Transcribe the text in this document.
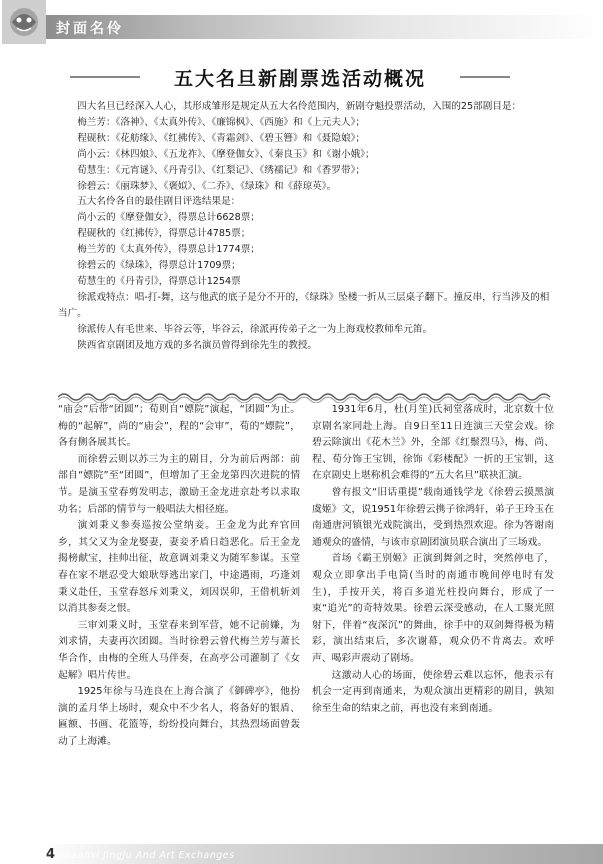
封面名伶
五大名旦新剧票选活动概况

四大名旦已经深入人心，其形成雏形是规定从五大名伶范围内，新剧夺魁投票活动，入围的25部剧目是：

梅兰芳：《洛神》、《太真外传》、《廉锦枫》、《西施》和《上元夫人》；

程砚秋：《花舫缘》、《红拂传》、《青霜剑》、《碧玉簪》和《聂隐娘》；

尚小云：《林四娘》、《五龙祚》、《摩登伽女》、《秦良玉》和《谢小娥》；

荀慧生：《元宵谜》、《丹青引》、《红梨记》、《绣襦记》和《香罗带》；

徐碧云：《丽珠梦》、《褒姒》、《二乔》、《绿珠》和《薛琼英》。

五大名伶各自的最佳剧目评选结果是：

尚小云的《摩登伽女》，得票总计6628票；

程砚秋的《红拂传》，得票总计4785票；

梅兰芳的《太真外传》，得票总计1774票；

徐碧云的《绿珠》，得票总计1709票；

荀慧生的《丹青引》，得票总计1254票

徐派戏特点：唱-打-舞，这与他武的底子是分不开的，《绿珠》坠楼一折从三层桌子翻下。撞反串，行当涉及的相当广。

徐派传人有毛世来、毕谷云等，毕谷云，徐派再传弟子之一为上海戏校教师牟元笛。

陕西省京剧团及地方戏的多名演员曾得到徐先生的教授。

“庙会”后带“团圆”；荀则自“嫖院”演起，“团圆”为止。梅的“起解”，尚的“庙会”，程的“会审”，荀的“嫖院”，各有侧各展其长。

而徐碧云则以苏三为主的剧目，分为前后两部：前部自“嫖院”至“团圆”，但增加了王金龙第四次进院的情节。是演玉堂春剪发明志，激励王金龙进京赴考以求取功名；后部的情节与一般唱法大相径庭。

演刘秉义参奏巡按公堂纳妾。王金龙为此弃官回乡，其父又为金龙娶妻，妻妾矛盾日趋恶化。后王金龙揭榜献宝，挂帅出征，故意调刘秉义为随军参谋。玉堂春在家不堪忍受大娘耿辱逃出家门，中途遇雨，巧逢刘秉义赴任，玉堂春怒斥刘秉义，刘因误卯，王借机斩刘以消其参奏之恨。

三审刘秉义时，玉堂春来到军营，她不记前嫌，为刘求情，夫妻再次团圆。当时徐碧云曾代梅兰芳与萧长华合作，由梅的全班人马伴奏，在高亭公司灌制了《女起解》唱片传世。

1925年徐与马连良在上海合演了《御碑亭》，他扮演的孟月华上场时，观众中不少名人，将备好的银盾、匾额、书画、花篮等，纷纷投向舞台，其热烈场面曾轰动了上海滩。

1931年6月，杜(月笙)氏祠堂落成时，北京数十位京剧名家同赴上海。自9日至11日连演三天堂会戏。徐碧云除演出《花木兰》外，全部《红鬃烈马》，梅、尚、程、荀分饰王宝钏，徐饰《彩楼配》一折的王宝钏，这在京剧史上堪称机会难得的“五大名旦”联袂汇演。

曾有报文“旧话重提”载南通钱学龙《徐碧云摸黑演虞姬》文，说1951年徐碧云携子徐鸿轩，弟子王玲玉在南通唐河镇银光戏院演出，受到热烈欢迎。徐为答谢南通观众的盛情，与该市京剧团演员联合演出了三场戏。

首场《霸王别姬》正演到舞剑之时，突然停电了，观众立即拿出手电筒(当时的南通市晚间停电时有发生)，手按开关，将百多道光柱投向舞台，形成了一束“追光”的奇特效果。徐碧云深受感动，在人工聚光照射下，伴着“夜深沉”的舞曲，徐手中的双剑舞得极为精彩，演出结束后，多次谢幕，观众仍不肯离去。欢呼声、喝彩声震动了剧场。

这激动人心的场面，使徐碧云难以忘怀，他表示有机会一定再到南通来，为观众演出更精彩的剧目，孰知徐至生命的结束之前，再也没有来到南通。

4 Shaanxi JingJu And Art Exchanges
